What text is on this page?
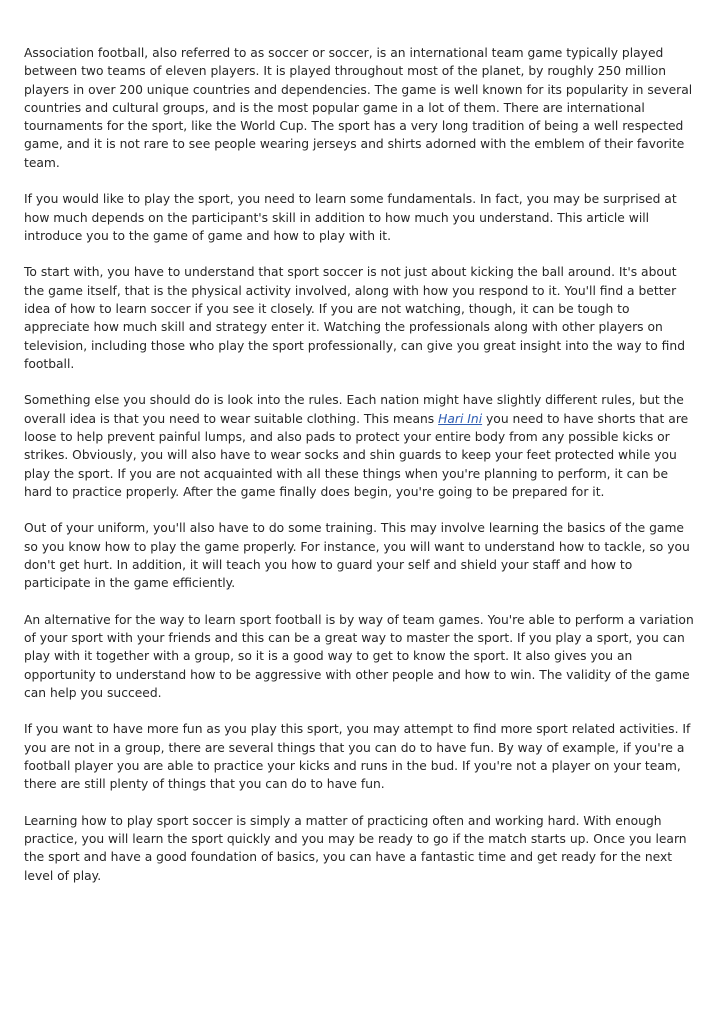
Association football, also referred to as soccer or soccer, is an international team game typically played between two teams of eleven players. It is played throughout most of the planet, by roughly 250 million players in over 200 unique countries and dependencies. The game is well known for its popularity in several countries and cultural groups, and is the most popular game in a lot of them. There are international tournaments for the sport, like the World Cup. The sport has a very long tradition of being a well respected game, and it is not rare to see people wearing jerseys and shirts adorned with the emblem of their favorite team.

If you would like to play the sport, you need to learn some fundamentals. In fact, you may be surprised at how much depends on the participant's skill in addition to how much you understand. This article will introduce you to the game of game and how to play with it.

To start with, you have to understand that sport soccer is not just about kicking the ball around. It's about the game itself, that is the physical activity involved, along with how you respond to it. You'll find a better idea of how to learn soccer if you see it closely. If you are not watching, though, it can be tough to appreciate how much skill and strategy enter it. Watching the professionals along with other players on television, including those who play the sport professionally, can give you great insight into the way to find football.

Something else you should do is look into the rules. Each nation might have slightly different rules, but the overall idea is that you need to wear suitable clothing. This means Hari Ini you need to have shorts that are loose to help prevent painful lumps, and also pads to protect your entire body from any possible kicks or strikes. Obviously, you will also have to wear socks and shin guards to keep your feet protected while you play the sport. If you are not acquainted with all these things when you're planning to perform, it can be hard to practice properly. After the game finally does begin, you're going to be prepared for it.

Out of your uniform, you'll also have to do some training. This may involve learning the basics of the game so you know how to play the game properly. For instance, you will want to understand how to tackle, so you don't get hurt. In addition, it will teach you how to guard your self and shield your staff and how to participate in the game efficiently.

An alternative for the way to learn sport football is by way of team games. You're able to perform a variation of your sport with your friends and this can be a great way to master the sport. If you play a sport, you can play with it together with a group, so it is a good way to get to know the sport. It also gives you an opportunity to understand how to be aggressive with other people and how to win. The validity of the game can help you succeed.

If you want to have more fun as you play this sport, you may attempt to find more sport related activities. If you are not in a group, there are several things that you can do to have fun. By way of example, if you're a football player you are able to practice your kicks and runs in the bud. If you're not a player on your team, there are still plenty of things that you can do to have fun.

Learning how to play sport soccer is simply a matter of practicing often and working hard. With enough practice, you will learn the sport quickly and you may be ready to go if the match starts up. Once you learn the sport and have a good foundation of basics, you can have a fantastic time and get ready for the next level of play.
